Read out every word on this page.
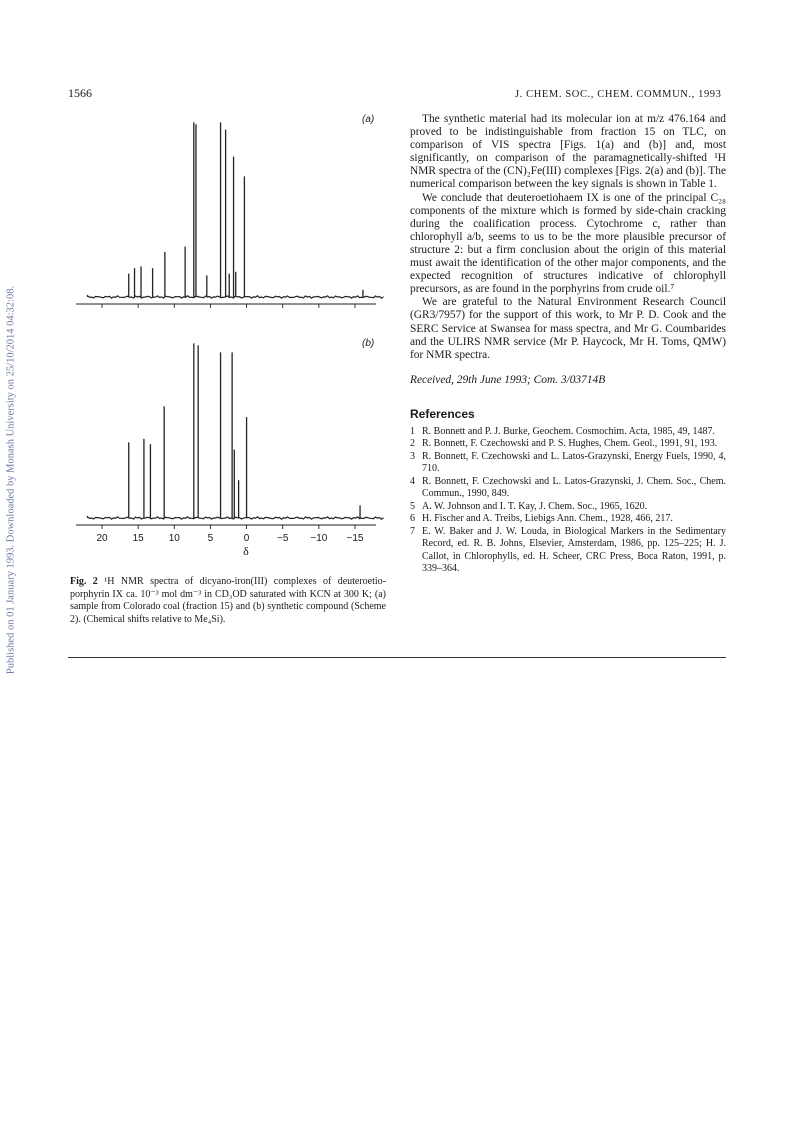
Published on 01 January 1993. Downloaded by Monash University on 25/10/2014 04:32:08.
1566	J. CHEM. SOC., CHEM. COMMUN., 1993
(a)
(b)
δ
20	15	10	5	0	−5 −10 −15
Fig. 2 ¹H NMR spectra of dicyano-iron(III) complexes of deuteroetio-porphyrin IX ca. 10⁻³ mol dm⁻³ in CD₃OD saturated with KCN at 300 K; (a) sample from Colorado coal (fraction 15) and (b) synthetic compound (Scheme 2). (Chemical shifts relative to Me₄Si).

The synthetic material had its molecular ion at m/z 476.164 and proved to be indistinguishable from fraction 15 on TLC, on comparison of VIS spectra [Figs. 1(a) and (b)] and, most significantly, on comparison of the paramagnetically-shifted ¹H NMR spectra of the (CN)₂Fe(III) complexes [Figs. 2(a) and (b)]. The numerical comparison between the key signals is shown in Table 1.

We conclude that deuteroetiohaem IX is one of the principal C₂₈ components of the mixture which is formed by side-chain cracking during the coalification process. Cytochrome c, rather than chlorophyll a/b, seems to us to be the more plausible precursor of structure 2: but a firm conclusion about the origin of this material must await the identification of the other major components, and the expected recognition of structures indicative of chlorophyll precursors, as are found in the porphyrins from crude oil.⁷

We are grateful to the Natural Environment Research Council (GR3/7957) for the support of this work, to Mr P. D. Cook and the SERC Service at Swansea for mass spectra, and Mr G. Coumbarides and the ULIRS NMR service (Mr P. Haycock, Mr H. Toms, QMW) for NMR spectra.

Received, 29th June 1993; Com. 3/03714B

References
1 R. Bonnett and P. J. Burke, Geochem. Cosmochim. Acta, 1985, 49, 1487.
2 R. Bonnett, F. Czechowski and P. S. Hughes, Chem. Geol., 1991, 91, 193.
3 R. Bonnett, F. Czechowski and L. Latos-Grazynski, Energy Fuels, 1990, 4, 710.
4 R. Bonnett, F. Czechowski and L. Latos-Grazynski, J. Chem. Soc., Chem. Commun., 1990, 849.
5 A. W. Johnson and I. T. Kay, J. Chem. Soc., 1965, 1620.
6 H. Fischer and A. Treibs, Liebigs Ann. Chem., 1928, 466, 217.
7 E. W. Baker and J. W. Louda, in Biological Markers in the Sedimentary Record, ed. R. B. Johns, Elsevier, Amsterdam, 1986, pp. 125–225; H. J. Callot, in Chlorophylls, ed. H. Scheer, CRC Press, Boca Raton, 1991, p. 339–364.
